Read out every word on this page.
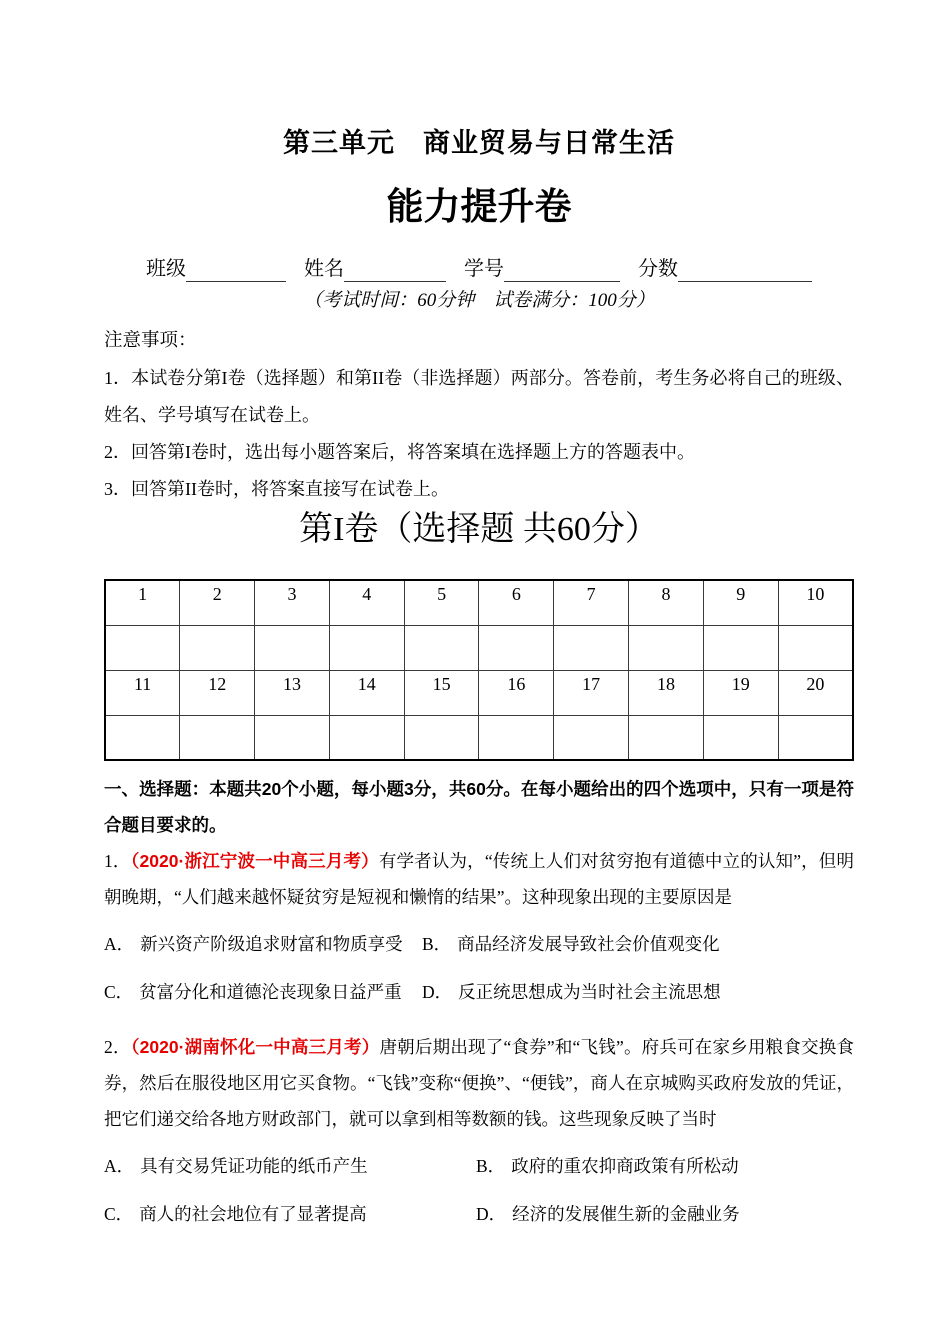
第三单元　商业贸易与日常生活
能力提升卷
班级	姓名	学号	分数
（考试时间：60分钟　试卷满分：100分）
注意事项：

1．本试卷分第I卷（选择题）和第II卷（非选择题）两部分。答卷前，考生务必将自己的班级、姓名、学号填写在试卷上。

2．回答第I卷时，选出每小题答案后，将答案填在选择题上方的答题表中。

3．回答第II卷时，将答案直接写在试卷上。

第I卷（选择题 共60分）
1	2	3	4	5	6	7	8	9	10

11	12	13	14	15	16	17	18	19	20

一、选择题：本题共20个小题，每小题3分，共60分。在每小题给出的四个选项中，只有一项是符合题目要求的。

1．（2020·浙江宁波一中高三月考）有学者认为，“传统上人们对贫穷抱有道德中立的认知”，但明朝晚期，“人们越来越怀疑贫穷是短视和懒惰的结果”。这种现象出现的主要原因是

A． 新兴资产阶级追求财富和物质享受	B． 商品经济发展导致社会价值观变化
C． 贫富分化和道德沦丧现象日益严重	D． 反正统思想成为当时社会主流思想

2．（2020·湖南怀化一中高三月考）唐朝后期出现了“食券”和“飞钱”。府兵可在家乡用粮食交换食券，然后在服役地区用它买食物。“飞钱”变称“便换”、“便钱”，商人在京城购买政府发放的凭证，把它们递交给各地方财政部门，就可以拿到相等数额的钱。这些现象反映了当时

A． 具有交易凭证功能的纸币产生	B． 政府的重农抑商政策有所松动
C． 商人的社会地位有了显著提高	D． 经济的发展催生新的金融业务
